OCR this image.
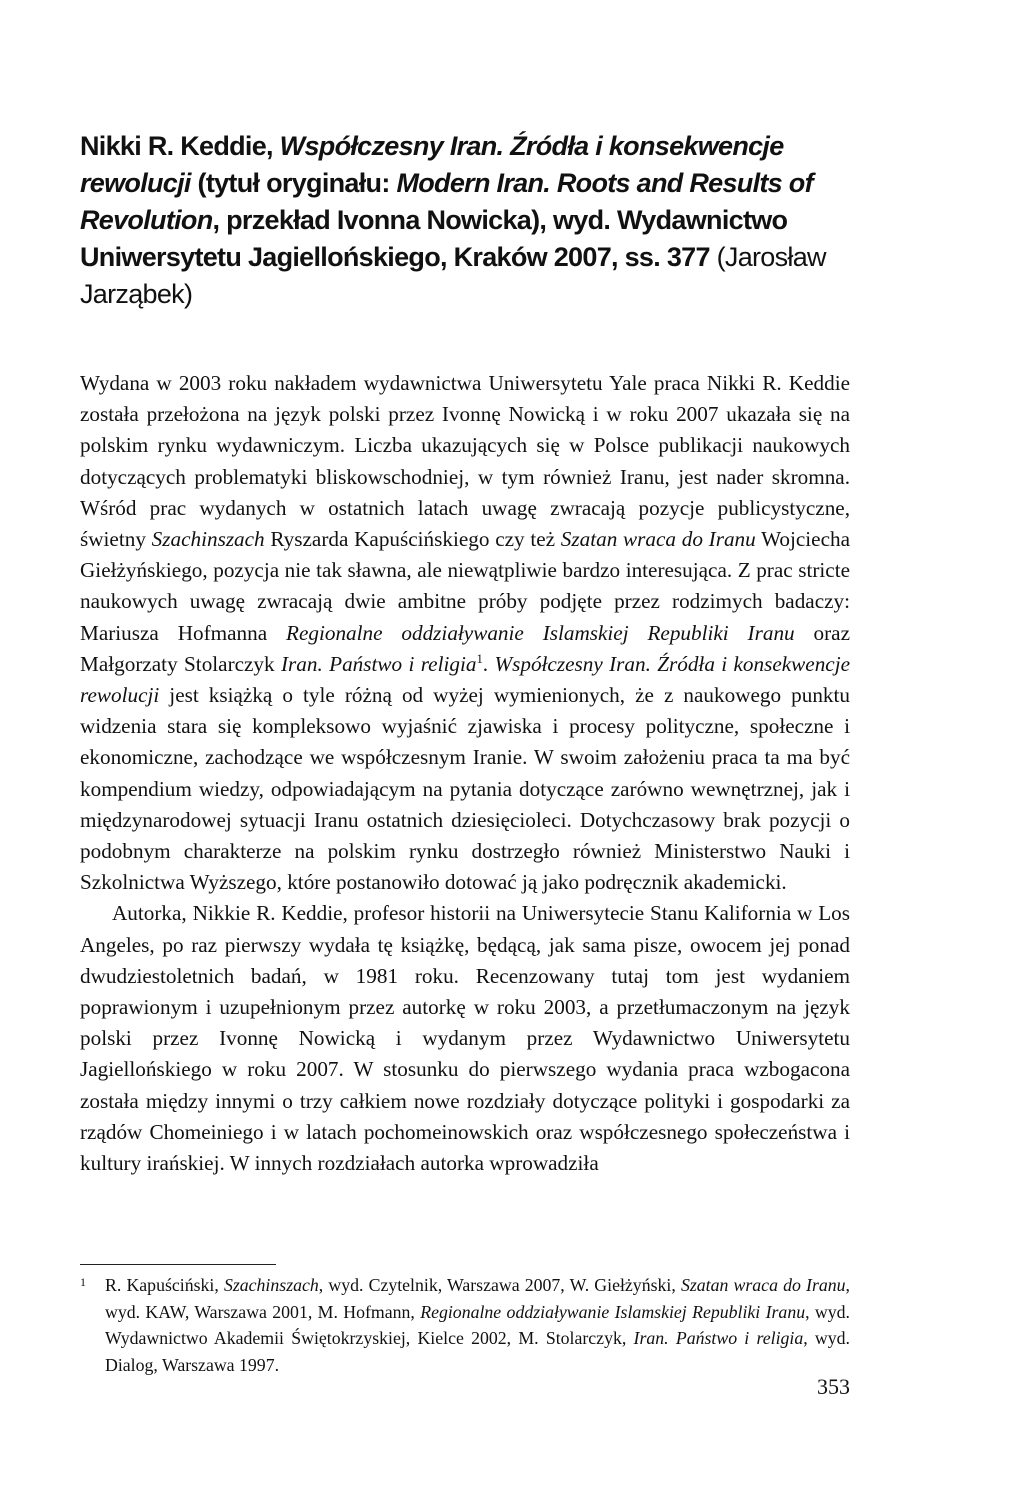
Nikki R. Keddie, Współczesny Iran. Źródła i konsekwencje rewolucji (tytuł oryginału: Modern Iran. Roots and Results of Revolution, przekład Ivonna Nowicka), wyd. Wydawnictwo Uniwersytetu Jagiellońskiego, Kraków 2007, ss. 377 (Jarosław Jarząbek)

Wydana w 2003 roku nakładem wydawnictwa Uniwersytetu Yale praca Nikki R. Keddie została przełożona na język polski przez Ivonnę Nowicką i w roku 2007 ukazała się na polskim rynku wydawniczym. Liczba ukazujących się w Polsce publikacji naukowych dotyczących problematyki bliskowschodniej, w tym również Iranu, jest nader skromna. Wśród prac wydanych w ostatnich latach uwagę zwracają pozycje publicystyczne, świetny Szachinszach Ryszarda Kapuścińskiego czy też Szatan wraca do Iranu Wojciecha Giełżyńskiego, pozycja nie tak sławna, ale niewątpliwie bardzo interesująca. Z prac stricte naukowych uwagę zwracają dwie ambitne próby podjęte przez rodzimych badaczy: Mariusza Hofmanna Regionalne oddziaływanie Islamskiej Republiki Iranu oraz Małgorzaty Stolarczyk Iran. Państwo i religia$^1$. Współczesny Iran. Źródła i konsekwencje rewolucji jest książką o tyle różną od wyżej wymienionych, że z naukowego punktu widzenia stara się kompleksowo wyjaśnić zjawiska i procesy polityczne, społeczne i ekonomiczne, zachodzące we współczesnym Iranie. W swoim założeniu praca ta ma być kompendium wiedzy, odpowiadającym na pytania dotyczące zarówno wewnętrznej, jak i międzynarodowej sytuacji Iranu ostatnich dziesięcioleci. Dotychczasowy brak pozycji o podobnym charakterze na polskim rynku dostrzegło również Ministerstwo Nauki i Szkolnictwa Wyższego, które postanowiło dotować ją jako podręcznik akademicki.

Autorka, Nikkie R. Keddie, profesor historii na Uniwersytecie Stanu Kalifornia w Los Angeles, po raz pierwszy wydała tę książkę, będącą, jak sama pisze, owocem jej ponad dwudziestoletnich badań, w 1981 roku. Recenzowany tutaj tom jest wydaniem poprawionym i uzupełnionym przez autorkę w roku 2003, a przetłumaczonym na język polski przez Ivonnę Nowicką i wydanym przez Wydawnictwo Uniwersytetu Jagiellońskiego w roku 2007. W stosunku do pierwszego wydania praca wzbogacona została między innymi o trzy całkiem nowe rozdziały dotyczące polityki i gospodarki za rządów Chomeiniego i w latach pochomeinowskich oraz współczesnego społeczeństwa i kultury irańskiej. W innych rozdziałach autorka wprowadziła

1 R. Kapuściński, Szachinszach, wyd. Czytelnik, Warszawa 2007, W. Giełżyński, Szatan wraca do Iranu, wyd. KAW, Warszawa 2001, M. Hofmann, Regionalne oddziaływanie Islamskiej Republiki Iranu, wyd. Wydawnictwo Akademii Świętokrzyskiej, Kielce 2002, M. Stolarczyk, Iran. Państwo i religia, wyd. Dialog, Warszawa 1997.
353
